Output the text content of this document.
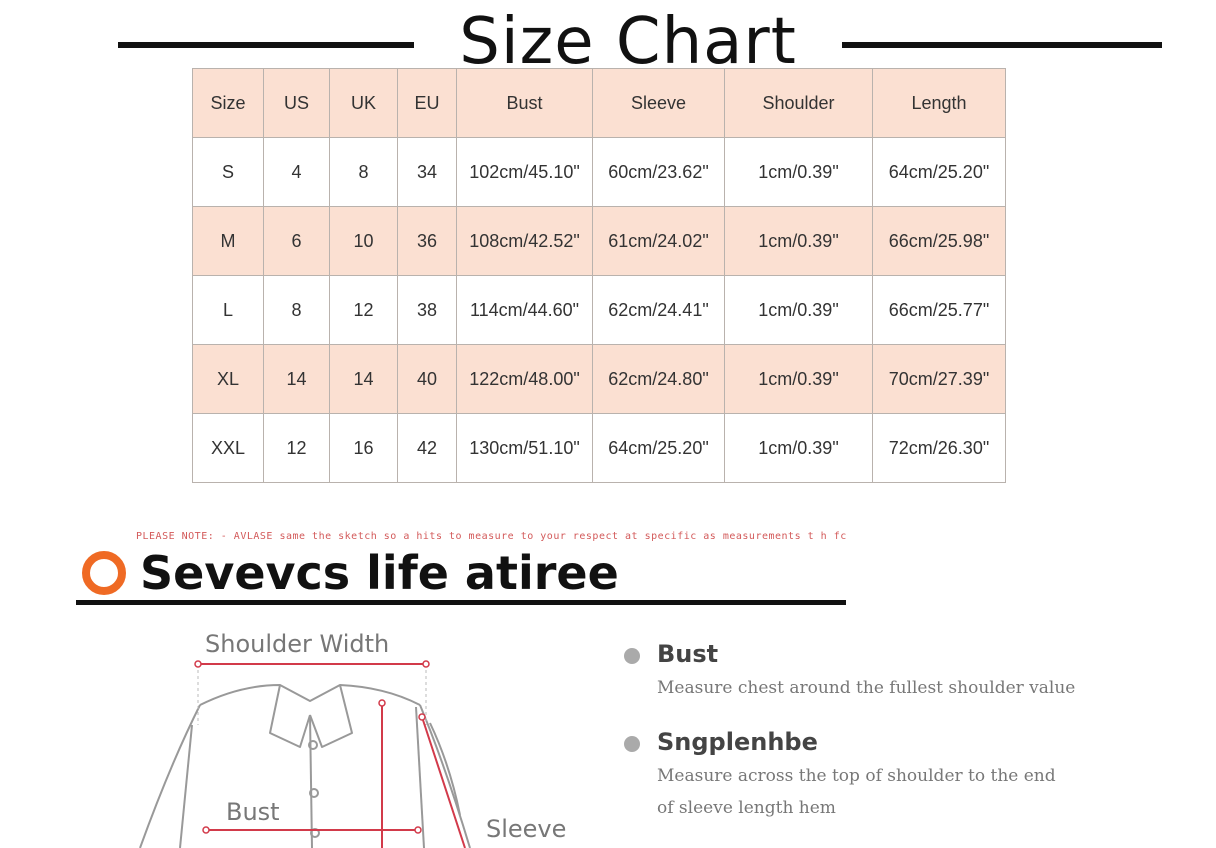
Size Chart
Size	US	UK	EU	Bust	Sleeve	Shoulder	Length
S	4	8	34	102cm/45.10"	60cm/23.62"	1cm/0.39"	64cm/25.20"
M	6	10	36	108cm/42.52"	61cm/24.02"	1cm/0.39"	66cm/25.98"
L	8	12	38	114cm/44.60"	62cm/24.41"	1cm/0.39"	66cm/25.77"
XL	14	14	40	122cm/48.00"	62cm/24.80"	1cm/0.39"	70cm/27.39"
XXL	12	16	42	130cm/51.10"	64cm/25.20"	1cm/0.39"	72cm/26.30"
PLEASE NOTE: - AVLASE same the sketch so a hits to measure to your respect at specific as measurements t h fc
Sevevcs life atiree
Shoulder Width
Bust
Sleeve
Bust
Measure chest around the fullest shoulder value
Sngplenhbe
Measure across the top of shoulder to the end
of sleeve length hem
